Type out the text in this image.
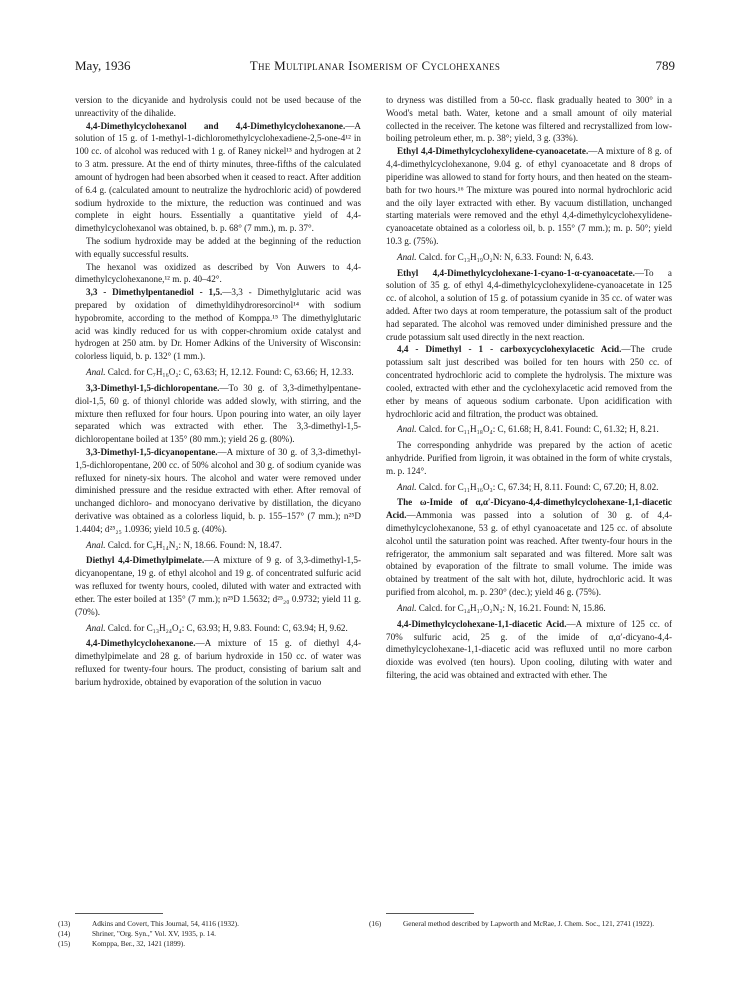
May, 1936	The Multiplanar Isomerism of Cyclohexanes	789

version to the dicyanide and hydrolysis could not be used because of the unreactivity of the dihalide.

4,4-Dimethylcyclohexanol and 4,4-Dimethylcyclohexanone.—A solution of 15 g. of 1-methyl-1-dichloromethylcyclohexadiene-2,5-one-4¹² in 100 cc. of alcohol was reduced with 1 g. of Raney nickel¹³ and hydrogen at 2 to 3 atm. pressure. At the end of thirty minutes, three-fifths of the calculated amount of hydrogen had been absorbed when it ceased to react. After addition of 6.4 g. (calculated amount to neutralize the hydrochloric acid) of powdered sodium hydroxide to the mixture, the reduction was continued and was complete in eight hours. Essentially a quantitative yield of 4,4-dimethylcyclohexanol was obtained, b. p. 68° (7 mm.), m. p. 37°.

The sodium hydroxide may be added at the beginning of the reduction with equally successful results.

The hexanol was oxidized as described by Von Auwers to 4,4-dimethylcyclohexanone,¹² m. p. 40–42°.

3,3 - Dimethylpentanediol - 1,5.—3,3 - Dimethylglutaric acid was prepared by oxidation of dimethyldihydroresorcinol¹⁴ with sodium hypobromite, according to the method of Komppa.¹⁵ The dimethylglutaric acid was kindly reduced for us with copper-chromium oxide catalyst and hydrogen at 250 atm. by Dr. Homer Adkins of the University of Wisconsin: colorless liquid, b. p. 132° (1 mm.).

Anal. Calcd. for C₇H₁₆O₂: C, 63.63; H, 12.12. Found: C, 63.66; H, 12.33.

3,3-Dimethyl-1,5-dichloropentane.—To 30 g. of 3,3-dimethylpentane-diol-1,5, 60 g. of thionyl chloride was added slowly, with stirring, and the mixture then refluxed for four hours. Upon pouring into water, an oily layer separated which was extracted with ether. The 3,3-dimethyl-1,5-dichloropentane boiled at 135° (80 mm.); yield 26 g. (80%).

3,3-Dimethyl-1,5-dicyanopentane.—A mixture of 30 g. of 3,3-dimethyl-1,5-dichloropentane, 200 cc. of 50% alcohol and 30 g. of sodium cyanide was refluxed for ninety-six hours. The alcohol and water were removed under diminished pressure and the residue extracted with ether. After removal of unchanged dichloro- and monocyano derivative by distillation, the dicyano derivative was obtained as a colorless liquid, b. p. 155–157° (7 mm.); n²⁵D 1.4404; d²⁵₂₅ 1.0936; yield 10.5 g. (40%).

Anal. Calcd. for C₉H₁₄N₂: N, 18.66. Found: N, 18.47.

Diethyl 4,4-Dimethylpimelate.—A mixture of 9 g. of 3,3-dimethyl-1,5-dicyanopentane, 19 g. of ethyl alcohol and 19 g. of concentrated sulfuric acid was refluxed for twenty hours, cooled, diluted with water and extracted with ether. The ester boiled at 135° (7 mm.); n²⁵D 1.5632; d²⁵₂₀ 0.9732; yield 11 g. (70%).

Anal. Calcd. for C₁₃H₂₄O₄: C, 63.93; H, 9.83. Found: C, 63.94; H, 9.62.

4,4-Dimethylcyclohexanone.—A mixture of 15 g. of diethyl 4,4-dimethylpimelate and 28 g. of barium hydroxide in 150 cc. of water was refluxed for twenty-four hours. The product, consisting of barium salt and barium hydroxide, obtained by evaporation of the solution in vacuo

to dryness was distilled from a 50-cc. flask gradually heated to 300° in a Wood's metal bath. Water, ketone and a small amount of oily material collected in the receiver. The ketone was filtered and recrystallized from low-boiling petroleum ether, m. p. 38°; yield, 3 g. (33%).

Ethyl 4,4-Dimethylcyclohexylidene-cyanoacetate.—A mixture of 8 g. of 4,4-dimethylcyclohexanone, 9.04 g. of ethyl cyanoacetate and 8 drops of piperidine was allowed to stand for forty hours, and then heated on the steam-bath for two hours.¹⁶ The mixture was poured into normal hydrochloric acid and the oily layer extracted with ether. By vacuum distillation, unchanged starting materials were removed and the ethyl 4,4-dimethylcyclohexylidene-cyanoacetate obtained as a colorless oil, b. p. 155° (7 mm.); m. p. 50°; yield 10.3 g. (75%).

Anal. Calcd. for C₁₃H₁₉O₂N: N, 6.33. Found: N, 6.43.

Ethyl 4,4-Dimethylcyclohexane-1-cyano-1-α-cyanoacetate.—To a solution of 35 g. of ethyl 4,4-dimethylcyclohexylidene-cyanoacetate in 125 cc. of alcohol, a solution of 15 g. of potassium cyanide in 35 cc. of water was added. After two days at room temperature, the potassium salt of the product had separated. The alcohol was removed under diminished pressure and the crude potassium salt used directly in the next reaction.

4,4 - Dimethyl - 1 - carboxycyclohexylacetic Acid.—The crude potassium salt just described was boiled for ten hours with 250 cc. of concentrated hydrochloric acid to complete the hydrolysis. The mixture was cooled, extracted with ether and the cyclohexylacetic acid removed from the ether by means of aqueous sodium carbonate. Upon acidification with hydrochloric acid and filtration, the product was obtained.

Anal. Calcd. for C₁₁H₁₈O₄: C, 61.68; H, 8.41. Found: C, 61.32; H, 8.21.

The corresponding anhydride was prepared by the action of acetic anhydride. Purified from ligroin, it was obtained in the form of white crystals, m. p. 124°.

Anal. Calcd. for C₁₁H₁₆O₃: C, 67.34; H, 8.11. Found: C, 67.20; H, 8.02.

The ω-Imide of α,α′-Dicyano-4,4-dimethylcyclohexane-1,1-diacetic Acid.—Ammonia was passed into a solution of 30 g. of 4,4-dimethylcyclohexanone, 53 g. of ethyl cyanoacetate and 125 cc. of absolute alcohol until the saturation point was reached. After twenty-four hours in the refrigerator, the ammonium salt separated and was filtered. More salt was obtained by evaporation of the filtrate to small volume. The imide was obtained by treatment of the salt with hot, dilute, hydrochloric acid. It was purified from alcohol, m. p. 230° (dec.); yield 46 g. (75%).

Anal. Calcd. for C₁₄H₁₇O₂N₃: N, 16.21. Found: N, 15.86.

4,4-Dimethylcyclohexane-1,1-diacetic Acid.—A mixture of 125 cc. of 70% sulfuric acid, 25 g. of the imide of α,α′-dicyano-4,4-dimethylcyclohexane-1,1-diacetic acid was refluxed until no more carbon dioxide was evolved (ten hours). Upon cooling, diluting with water and filtering, the acid was obtained and extracted with ether. The

(13)	Adkins and Covert, This Journal, 54, 4116 (1932).
(14)	Shriner, "Org. Syn.," Vol. XV, 1935, p. 14.
(15)	Komppa, Ber., 32, 1421 (1899).
(16)	General method described by Lapworth and McRae, J. Chem. Soc., 121, 2741 (1922).
